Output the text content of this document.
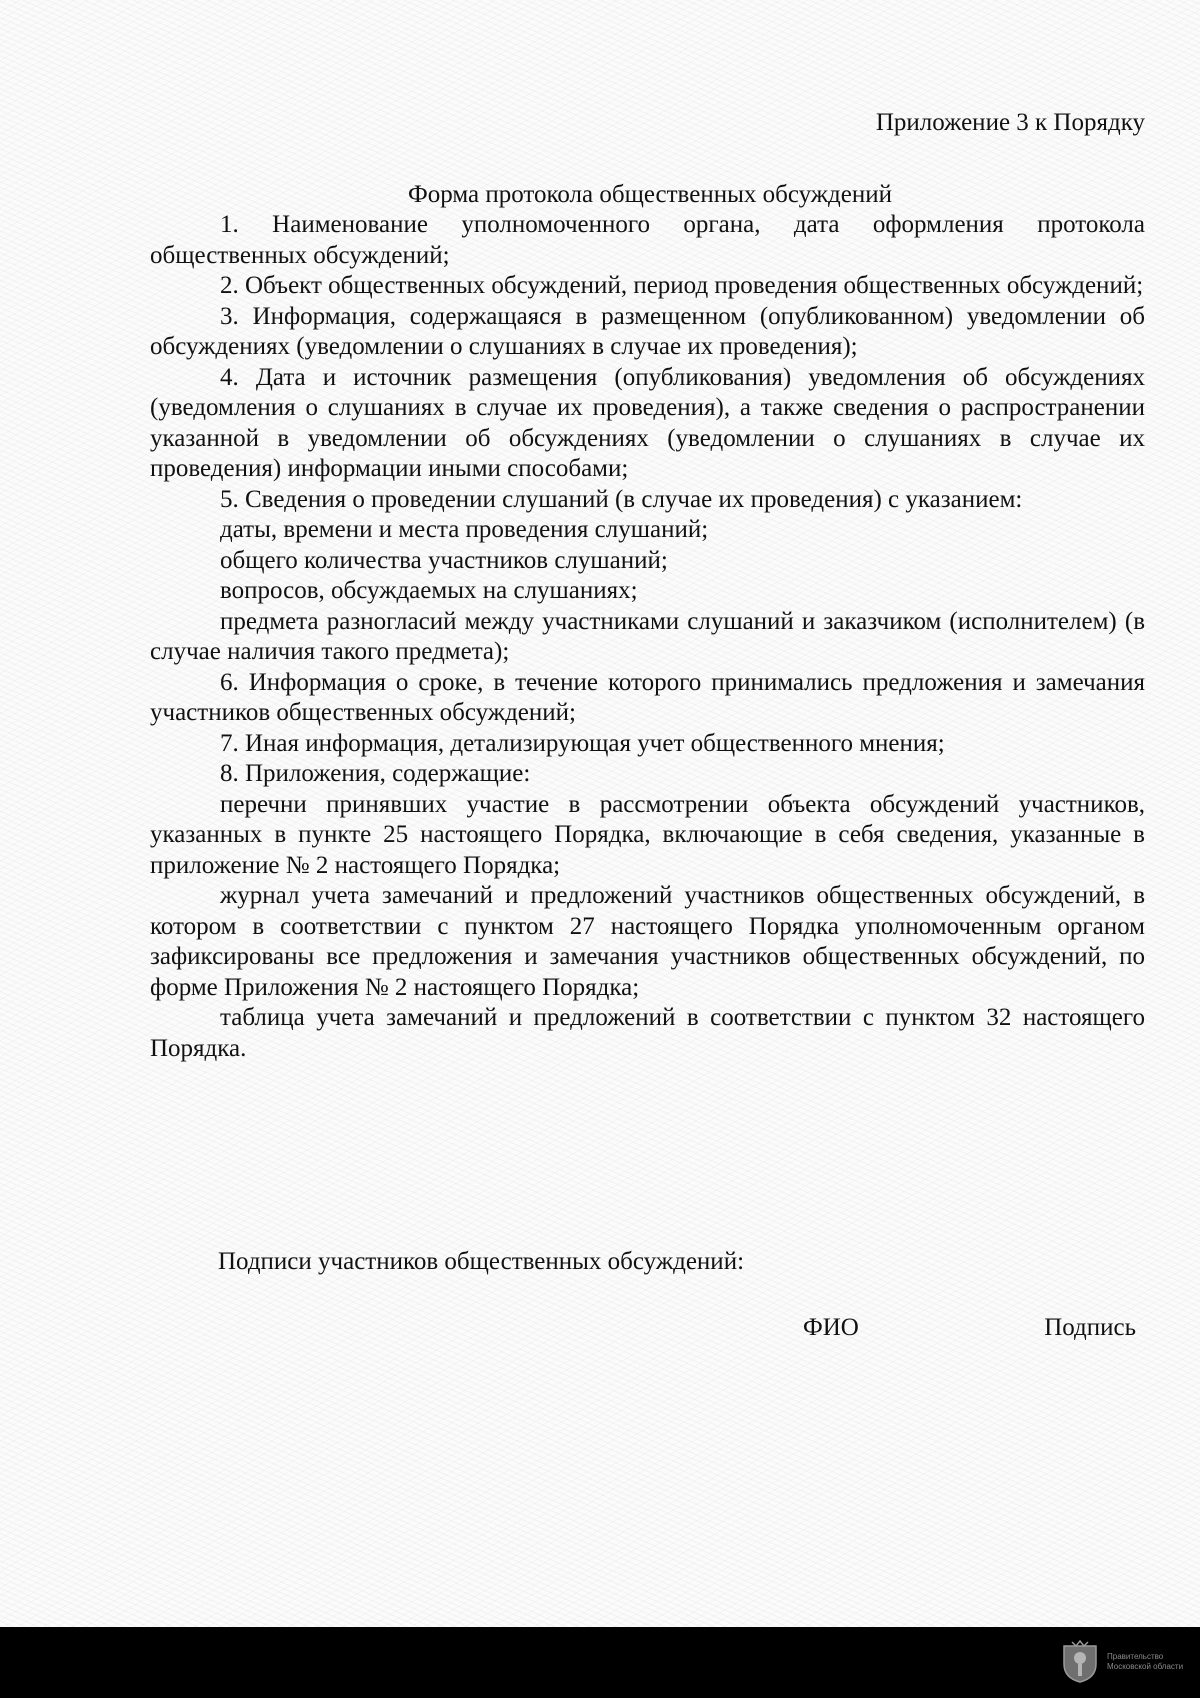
Приложение 3 к Порядку
Форма протокола общественных обсуждений

1. Наименование уполномоченного органа, дата оформления протокола общественных обсуждений;

2. Объект общественных обсуждений, период проведения общественных обсуждений;

3. Информация, содержащаяся в размещенном (опубликованном) уведомлении об обсуждениях (уведомлении о слушаниях в случае их проведения);

4. Дата и источник размещения (опубликования) уведомления об обсуждениях (уведомления о слушаниях в случае их проведения), а также сведения о распространении указанной в уведомлении об обсуждениях (уведомлении о слушаниях в случае их проведения) информации иными способами;

5. Сведения о проведении слушаний (в случае их проведения) с указанием:

даты, времени и места проведения слушаний;

общего количества участников слушаний;

вопросов, обсуждаемых на слушаниях;

предмета разногласий между участниками слушаний и заказчиком (исполнителем) (в случае наличия такого предмета);

6. Информация о сроке, в течение которого принимались предложения и замечания участников общественных обсуждений;

7. Иная информация, детализирующая учет общественного мнения;

8. Приложения, содержащие:

перечни принявших участие в рассмотрении объекта обсуждений участников, указанных в пункте 25 настоящего Порядка, включающие в себя сведения, указанные в приложение № 2 настоящего Порядка;

журнал учета замечаний и предложений участников общественных обсуждений, в котором в соответствии с пунктом 27 настоящего Порядка уполномоченным органом зафиксированы все предложения и замечания участников общественных обсуждений, по форме Приложения № 2 настоящего Порядка;

таблица учета замечаний и предложений в соответствии с пунктом 32 настоящего Порядка.

Подписи участников общественных обсуждений:
ФИО	Подпись
Правительство
Московской области
